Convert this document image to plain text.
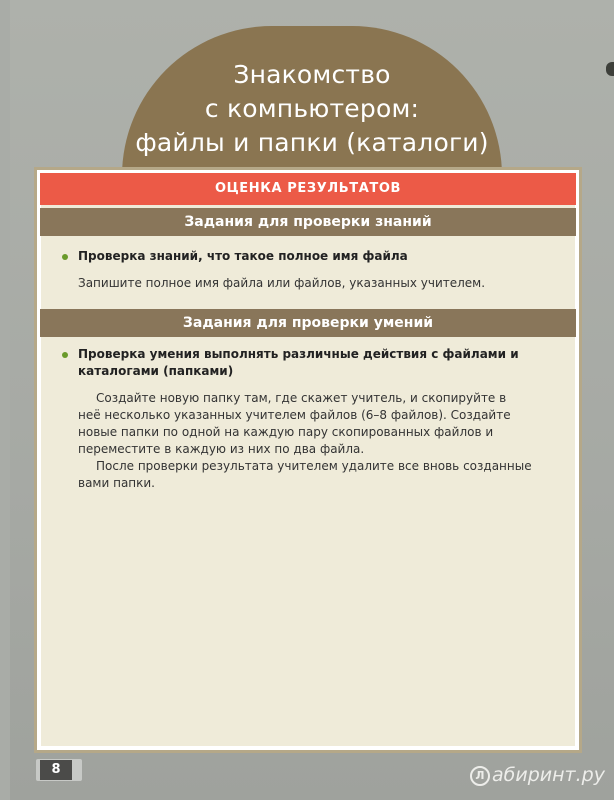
Знакомство
с компьютером:
файлы и папки (каталоги)
ОЦЕНКА РЕЗУЛЬТАТОВ
Задания для проверки знаний
Проверка знаний, что такое полное имя файла
Запишите полное имя файла или файлов, указанных учителем.
Задания для проверки умений
Проверка умения выполнять различные действия с файлами и
каталогами (папками)
Создайте новую папку там, где скажет учитель, и скопируйте в
неё несколько указанных учителем файлов (6–8 файлов). Создайте
новые папки по одной на каждую пару скопированных файлов и
переместите в каждую из них по два файла.
После проверки результата учителем удалите все вновь созданные
вами папки.
8	Л абиринт.ру
